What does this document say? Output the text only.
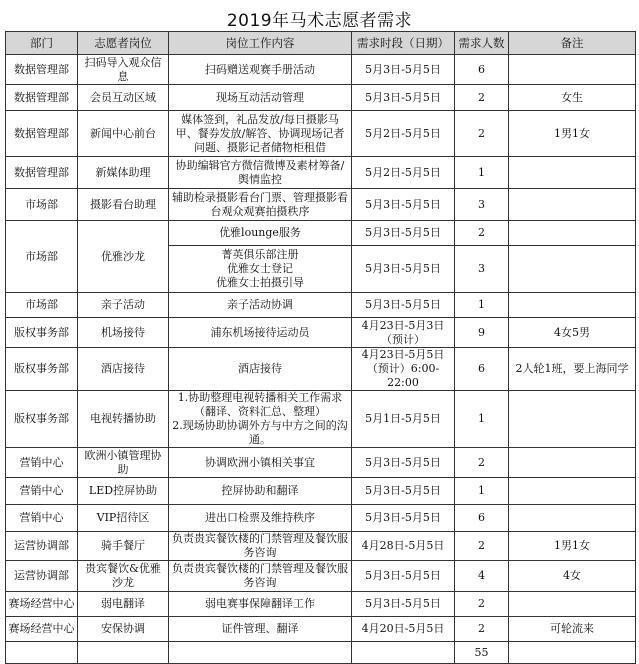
2019年马术志愿者需求
部门	志愿者岗位	岗位工作内容	需求时段（日期）	需求人数	备注
数据管理部	扫码导入观众信息	扫码赠送观赛手册活动	5月3日-5月5日	6	
数据管理部	会员互动区域	现场互动活动管理	5月3日-5月5日	2	女生
数据管理部	新闻中心前台	媒体签到，礼品发放/每日摄影马甲、餐券发放/解答、协调现场记者问题、摄影记者储物柜租借	5月2日-5月5日	2	1男1女
数据管理部	新媒体助理	协助编辑官方微信微博及素材筹备/舆情监控	5月2日-5月5日	1	
市场部	摄影看台助理	辅助检录摄影看台门票、管理摄影看台观众观赛拍摄秩序	5月3日-5月5日	3	
市场部	优雅沙龙	优雅lounge服务	5月3日-5月5日	2	
		菁英俱乐部注册
优雅女士登记
优雅女士拍摄引导	5月3日-5月5日	3	
市场部	亲子活动	亲子活动协调	5月3日-5月5日	1	
版权事务部	机场接待	浦东机场接待运动员	4月23日-5月3日（预计）	9	4女5男
版权事务部	酒店接待	酒店接待	4月23日-5月5日（预计）6:00-22:00	6	2人轮1班，要上海同学
版权事务部	电视转播协助	1.协助整理电视转播相关工作需求（翻译、资料汇总、整理）
2.现场协助协调外方与中方之间的沟通。	5月1日-5月5日	1	
营销中心	欧洲小镇管理协助	协调欧洲小镇相关事宜	5月3日-5月5日	2	
营销中心	LED控屏协助	控屏协助和翻译	5月3日-5月5日	1	
营销中心	VIP招待区	进出口检票及维持秩序	5月3日-5月5日	6	
运营协调部	骑手餐厅	负责贵宾餐饮楼的门禁管理及餐饮服务咨询	4月28日-5月5日	2	1男1女
运营协调部	贵宾餐饮&优雅沙龙	负责贵宾餐饮楼的门禁管理及餐饮服务咨询	5月3日-5月5日	4	4女
赛场经营中心	弱电翻译	弱电赛事保障翻译工作	5月3日-5月5日	2	
赛场经营中心	安保协调	证件管理、翻译	4月20日-5月5日	2	可轮流来
				55	
